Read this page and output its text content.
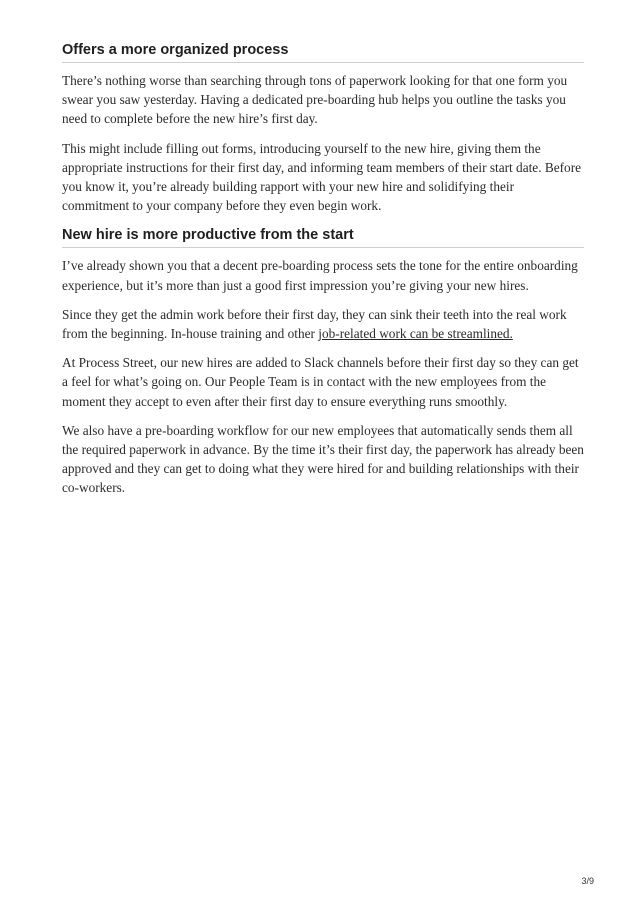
Offers a more organized process

There’s nothing worse than searching through tons of paperwork looking for that one form you swear you saw yesterday. Having a dedicated pre-boarding hub helps you outline the tasks you need to complete before the new hire’s first day.

This might include filling out forms, introducing yourself to the new hire, giving them the appropriate instructions for their first day, and informing team members of their start date. Before you know it, you’re already building rapport with your new hire and solidifying their commitment to your company before they even begin work.

New hire is more productive from the start

I’ve already shown you that a decent pre-boarding process sets the tone for the entire onboarding experience, but it’s more than just a good first impression you’re giving your new hires.

Since they get the admin work before their first day, they can sink their teeth into the real work from the beginning. In-house training and other job-related work can be streamlined.

At Process Street, our new hires are added to Slack channels before their first day so they can get a feel for what’s going on. Our People Team is in contact with the new employees from the moment they accept to even after their first day to ensure everything runs smoothly.

We also have a pre-boarding workflow for our new employees that automatically sends them all the required paperwork in advance. By the time it’s their first day, the paperwork has already been approved and they can get to doing what they were hired for and building relationships with their co-workers.

3/9
